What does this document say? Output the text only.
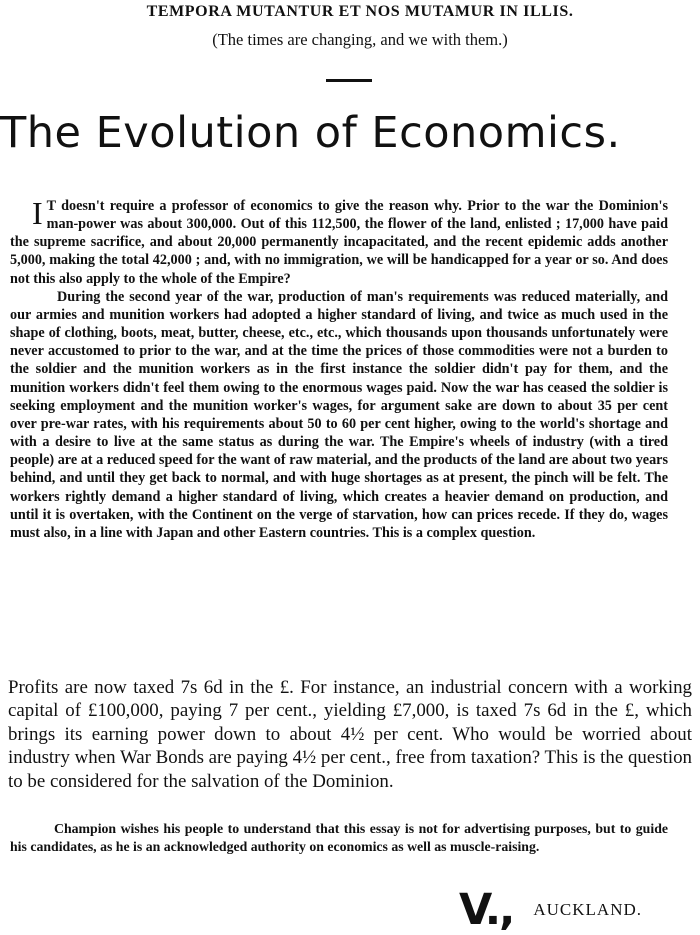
TEMPORA MUTANTUR ET NOS MUTAMUR IN ILLIS.
(The times are changing, and we with them.)
The Evolution of Economics.

I T doesn't require a professor of economics to give the reason why. Prior to the war the Dominion's man-power was about 300,000. Out of this 112,500, the flower of the land, enlisted ; 17,000 have paid the supreme sacrifice, and about 20,000 permanently incapacitated, and the recent epidemic adds another 5,000, making the total 42,000 ; and, with no immigration, we will be handicapped for a year or so. And does not this also apply to the whole of the Empire?

During the second year of the war, production of man's requirements was reduced materially, and our armies and munition workers had adopted a higher standard of living, and twice as much used in the shape of clothing, boots, meat, butter, cheese, etc., etc., which thousands upon thousands unfortunately were never accustomed to prior to the war, and at the time the prices of those commodities were not a burden to the soldier and the munition workers as in the first instance the soldier didn't pay for them, and the munition workers didn't feel them owing to the enormous wages paid. Now the war has ceased the soldier is seeking employment and the munition worker's wages, for argument sake are down to about 35 per cent over pre-war rates, with his requirements about 50 to 60 per cent higher, owing to the world's shortage and with a desire to live at the same status as during the war. The Empire's wheels of industry (with a tired people) are at a reduced speed for the want of raw material, and the products of the land are about two years behind, and until they get back to normal, and with huge shortages as at present, the pinch will be felt. The workers rightly demand a higher standard of living, which creates a heavier demand on production, and until it is overtaken, with the Continent on the verge of starvation, how can prices recede. If they do, wages must also, in a line with Japan and other Eastern countries. This is a complex question.

Profits are now taxed 7s 6d in the £. For instance, an industrial concern with a working capital of £100,000, paying 7 per cent., yielding £7,000, is taxed 7s 6d in the £, which brings its earning power down to about 4½ per cent. Who would be worried about industry when War Bonds are paying 4½ per cent., free from taxation? This is the question to be considered for the salvation of the Dominion.

Champion wishes his people to understand that this essay is not for advertising purposes, but to guide his candidates, as he is an acknowledged authority on economics as well as muscle-raising.

V., AUCKLAND.
